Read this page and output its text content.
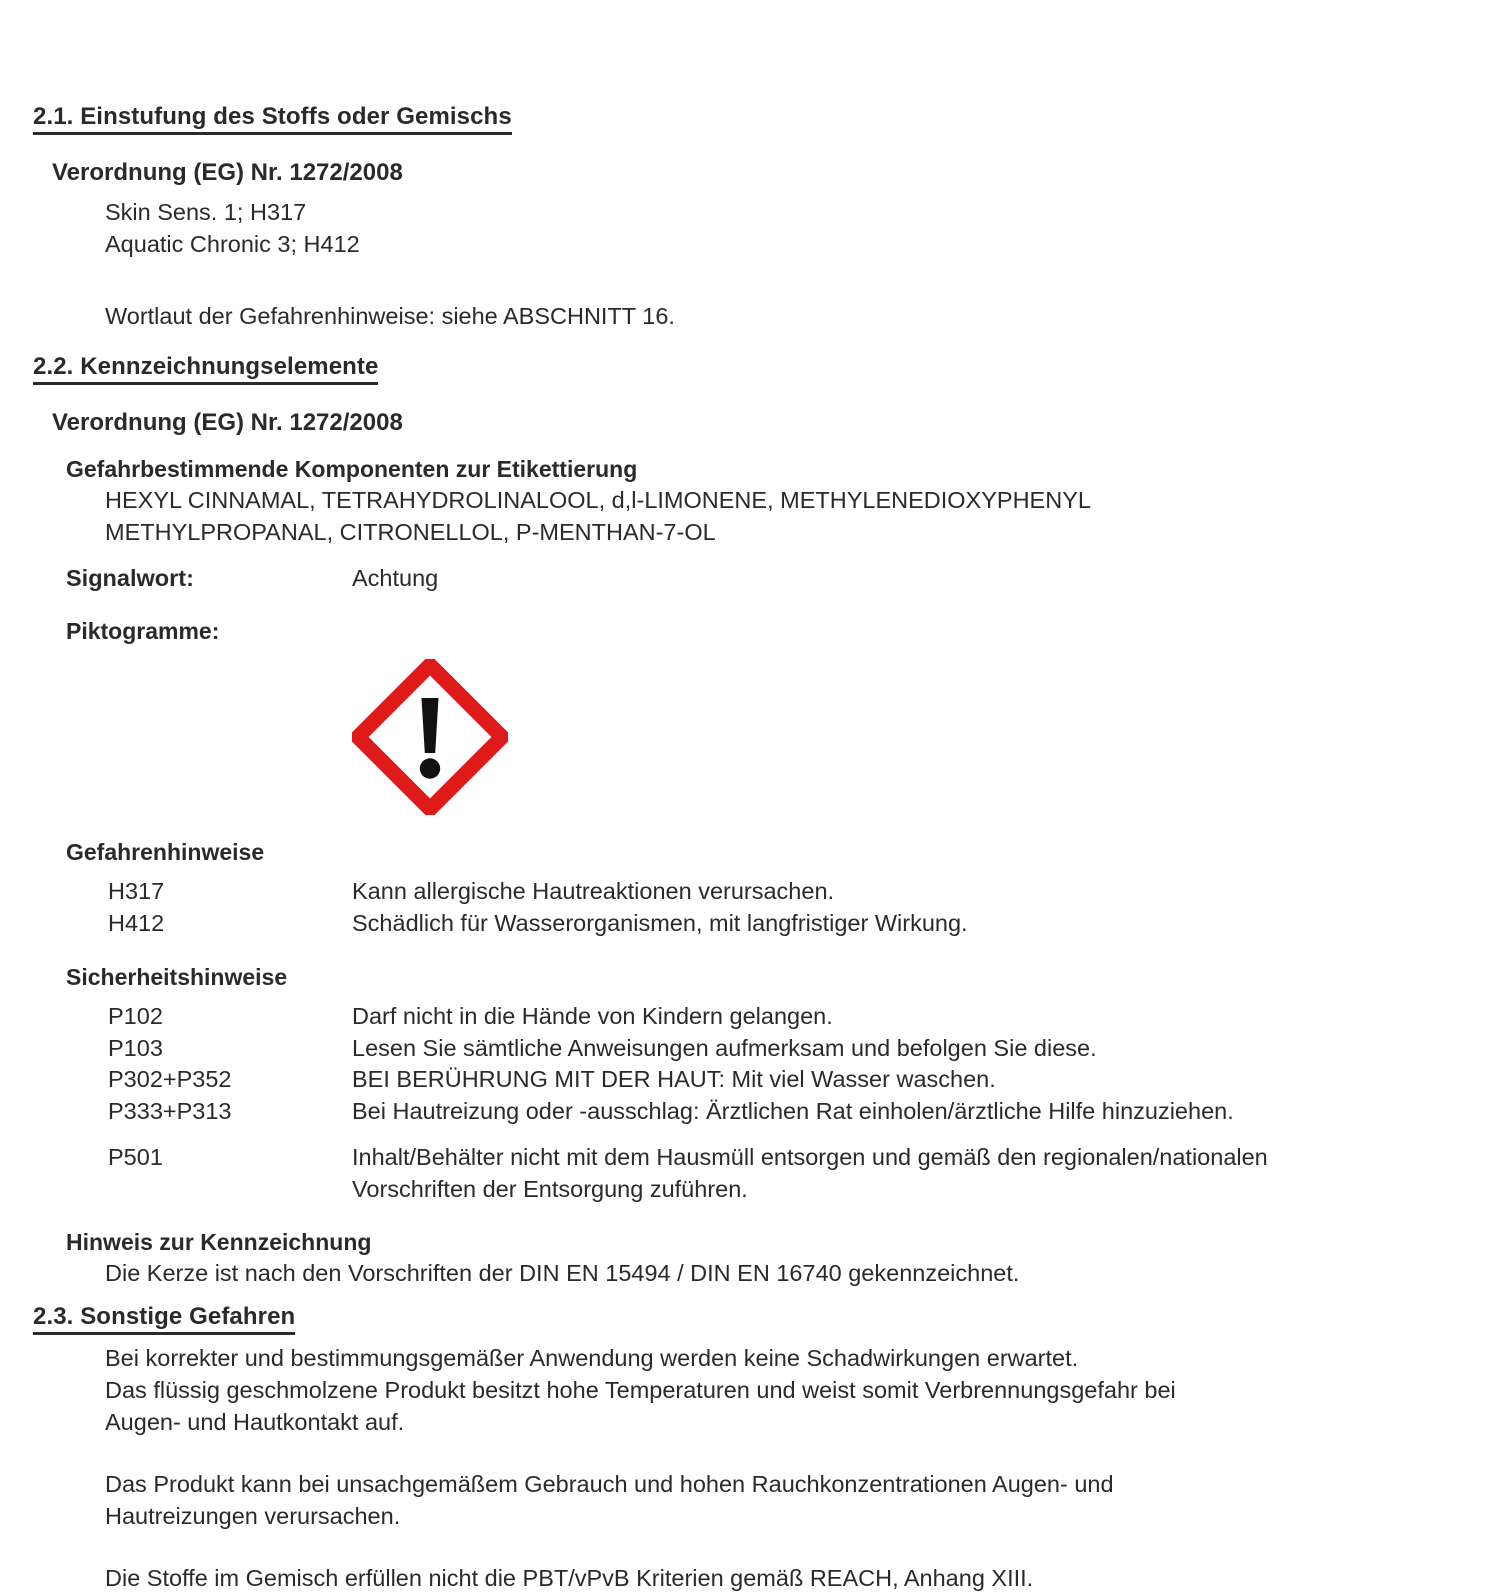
2.1. Einstufung des Stoffs oder Gemischs
Verordnung (EG) Nr. 1272/2008
Skin Sens. 1; H317
Aquatic Chronic 3; H412
Wortlaut der Gefahrenhinweise: siehe ABSCHNITT 16.
2.2. Kennzeichnungselemente
Verordnung (EG) Nr. 1272/2008
Gefahrbestimmende Komponenten zur Etikettierung
HEXYL CINNAMAL, TETRAHYDROLINALOOL, d,l-LIMONENE, METHYLENEDIOXYPHENYL
METHYLPROPANAL, CITRONELLOL, P-MENTHAN-7-OL
Signalwort:	Achtung
Piktogramme:
Gefahrenhinweise
H317	Kann allergische Hautreaktionen verursachen.
H412	Schädlich für Wasserorganismen, mit langfristiger Wirkung.
Sicherheitshinweise
P102	Darf nicht in die Hände von Kindern gelangen.
P103	Lesen Sie sämtliche Anweisungen aufmerksam und befolgen Sie diese.
P302+P352	BEI BERÜHRUNG MIT DER HAUT: Mit viel Wasser waschen.
P333+P313	Bei Hautreizung oder -ausschlag: Ärztlichen Rat einholen/ärztliche Hilfe hinzuziehen.
P501	Inhalt/Behälter nicht mit dem Hausmüll entsorgen und gemäß den regionalen/nationalen Vorschriften der Entsorgung zuführen.
Hinweis zur Kennzeichnung
Die Kerze ist nach den Vorschriften der DIN EN 15494 / DIN EN 16740 gekennzeichnet.
2.3. Sonstige Gefahren
Bei korrekter und bestimmungsgemäßer Anwendung werden keine Schadwirkungen erwartet.
Das flüssig geschmolzene Produkt besitzt hohe Temperaturen und weist somit Verbrennungsgefahr bei
Augen- und Hautkontakt auf.
Das Produkt kann bei unsachgemäßem Gebrauch und hohen Rauchkonzentrationen Augen- und
Hautreizungen verursachen.
Die Stoffe im Gemisch erfüllen nicht die PBT/vPvB Kriterien gemäß REACH, Anhang XIII.
